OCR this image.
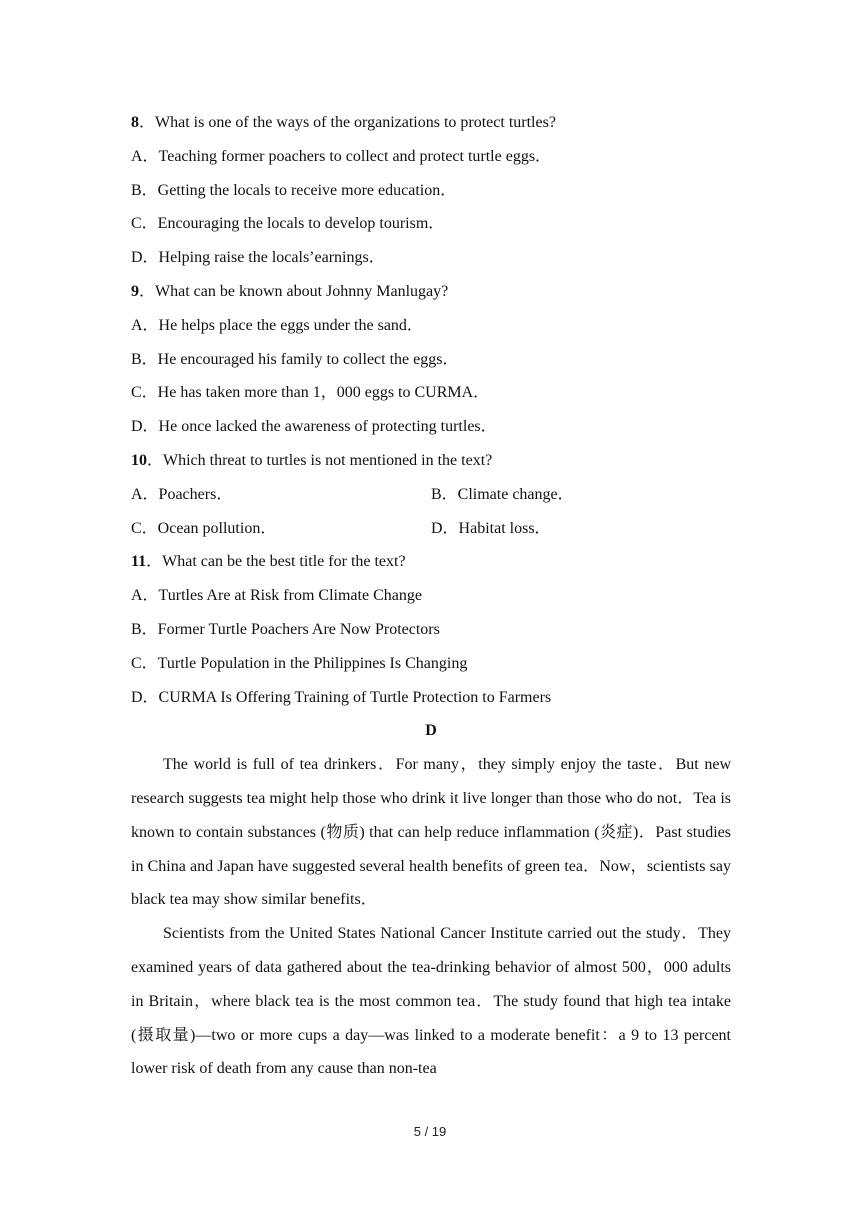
8．What is one of the ways of the organizations to protect turtles?
A．Teaching former poachers to collect and protect turtle eggs．
B．Getting the locals to receive more education．
C．Encouraging the locals to develop tourism．
D．Helping raise the locals’earnings．
9．What can be known about Johnny Manlugay?
A．He helps place the eggs under the sand．
B．He encouraged his family to collect the eggs．
C．He has taken more than 1，000 eggs to CURMA．
D．He once lacked the awareness of protecting turtles．
10．Which threat to turtles is not mentioned in the text?
A．Poachers．	B．Climate change．
C．Ocean pollution．	D．Habitat loss．
11．What can be the best title for the text?
A．Turtles Are at Risk from Climate Change
B．Former Turtle Poachers Are Now Protectors
C．Turtle Population in the Philippines Is Changing
D．CURMA Is Offering Training of Turtle Protection to Farmers
D
The world is full of tea drinkers．For many，they simply enjoy the taste．But new research suggests tea might help those who drink it live longer than those who do not．Tea is known to contain substances (物质) that can help reduce inflammation (炎症)．Past studies in China and Japan have suggested several health benefits of green tea．Now，scientists say black tea may show similar benefits．
Scientists from the United States National Cancer Institute carried out the study．They examined years of data gathered about the tea-drinking behavior of almost 500，000 adults in Britain，where black tea is the most common tea．The study found that high tea intake (摄取量)—two or more cups a day—was linked to a moderate benefit：a 9 to 13 percent lower risk of death from any cause than non-tea
5 / 19
